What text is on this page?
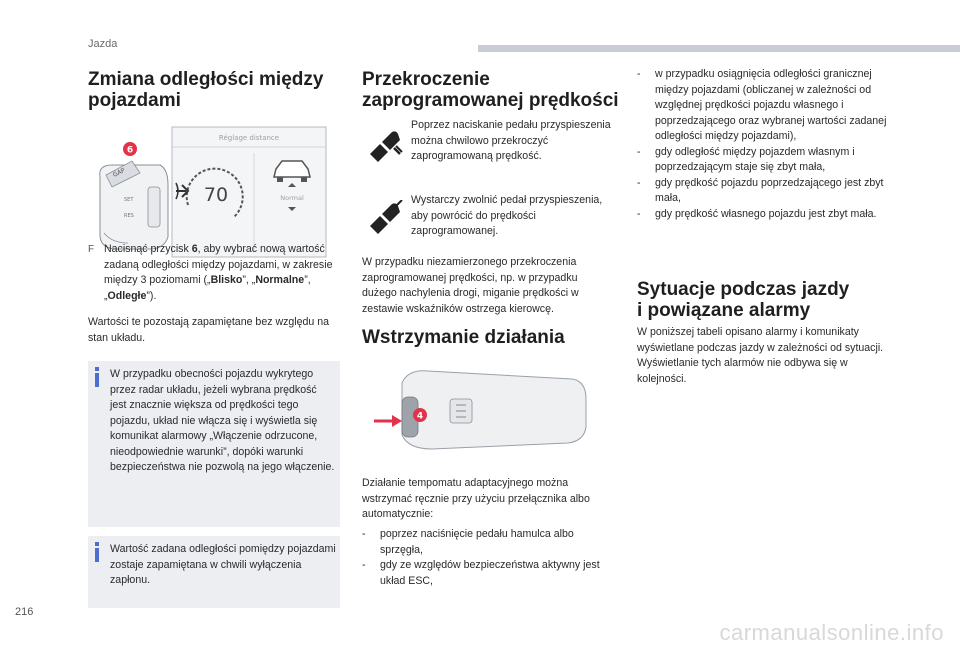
Jazda
Zmiana odległości między
pojazdami
GAP
SET
RES
6
Réglage distance
70	Normal
F Nacisnąć przycisk 6, aby wybrać nową wartość zadaną odległości między pojazdami, w zakresie między 3 poziomami („Blisko”, „Normalne”, „Odległe”).
Wartości te pozostają zapamiętane bez względu na stan układu.
W przypadku obecności pojazdu wykrytego przez radar układu, jeżeli wybrana prędkość jest znacznie większa od prędkości tego pojazdu, układ nie włącza się i wyświetla się komunikat alarmowy „Włączenie odrzucone, nieodpowiednie warunki”, dopóki warunki bezpieczeństwa nie pozwolą na jego włączenie.
Wartość zadana odległości pomiędzy pojazdami zostaje zapamiętana w chwili wyłączenia zapłonu.
Przekroczenie
zaprogramowanej prędkości
Poprzez naciskanie pedału przyspieszenia można chwilowo przekroczyć zaprogramowaną prędkość.
Wystarczy zwolnić pedał przyspieszenia, aby powrócić do prędkości zaprogramowanej.
W przypadku niezamierzonego przekroczenia zaprogramowanej prędkości, np. w przypadku dużego nachylenia drogi, miganie prędkości w zestawie wskaźników ostrzega kierowcę.
Wstrzymanie działania
4
Działanie tempomatu adaptacyjnego można wstrzymać ręcznie przy użyciu przełącznika albo automatycznie:
- poprzez naciśnięcie pedału hamulca albo sprzęgła,
- gdy ze względów bezpieczeństwa aktywny jest układ ESC,
- w przypadku osiągnięcia odległości granicznej między pojazdami (obliczanej w zależności od względnej prędkości pojazdu własnego i poprzedzającego oraz wybranej wartości zadanej odległości między pojazdami),
- gdy odległość między pojazdem własnym i poprzedzającym staje się zbyt mała,
- gdy prędkość pojazdu poprzedzającego jest zbyt mała,
- gdy prędkość własnego pojazdu jest zbyt mała.
Sytuacje podczas jazdy
i powiązane alarmy
W poniższej tabeli opisano alarmy i komunikaty wyświetlane podczas jazdy w zależności od sytuacji.
Wyświetlanie tych alarmów nie odbywa się w kolejności.
216
carmanualsonline.info
